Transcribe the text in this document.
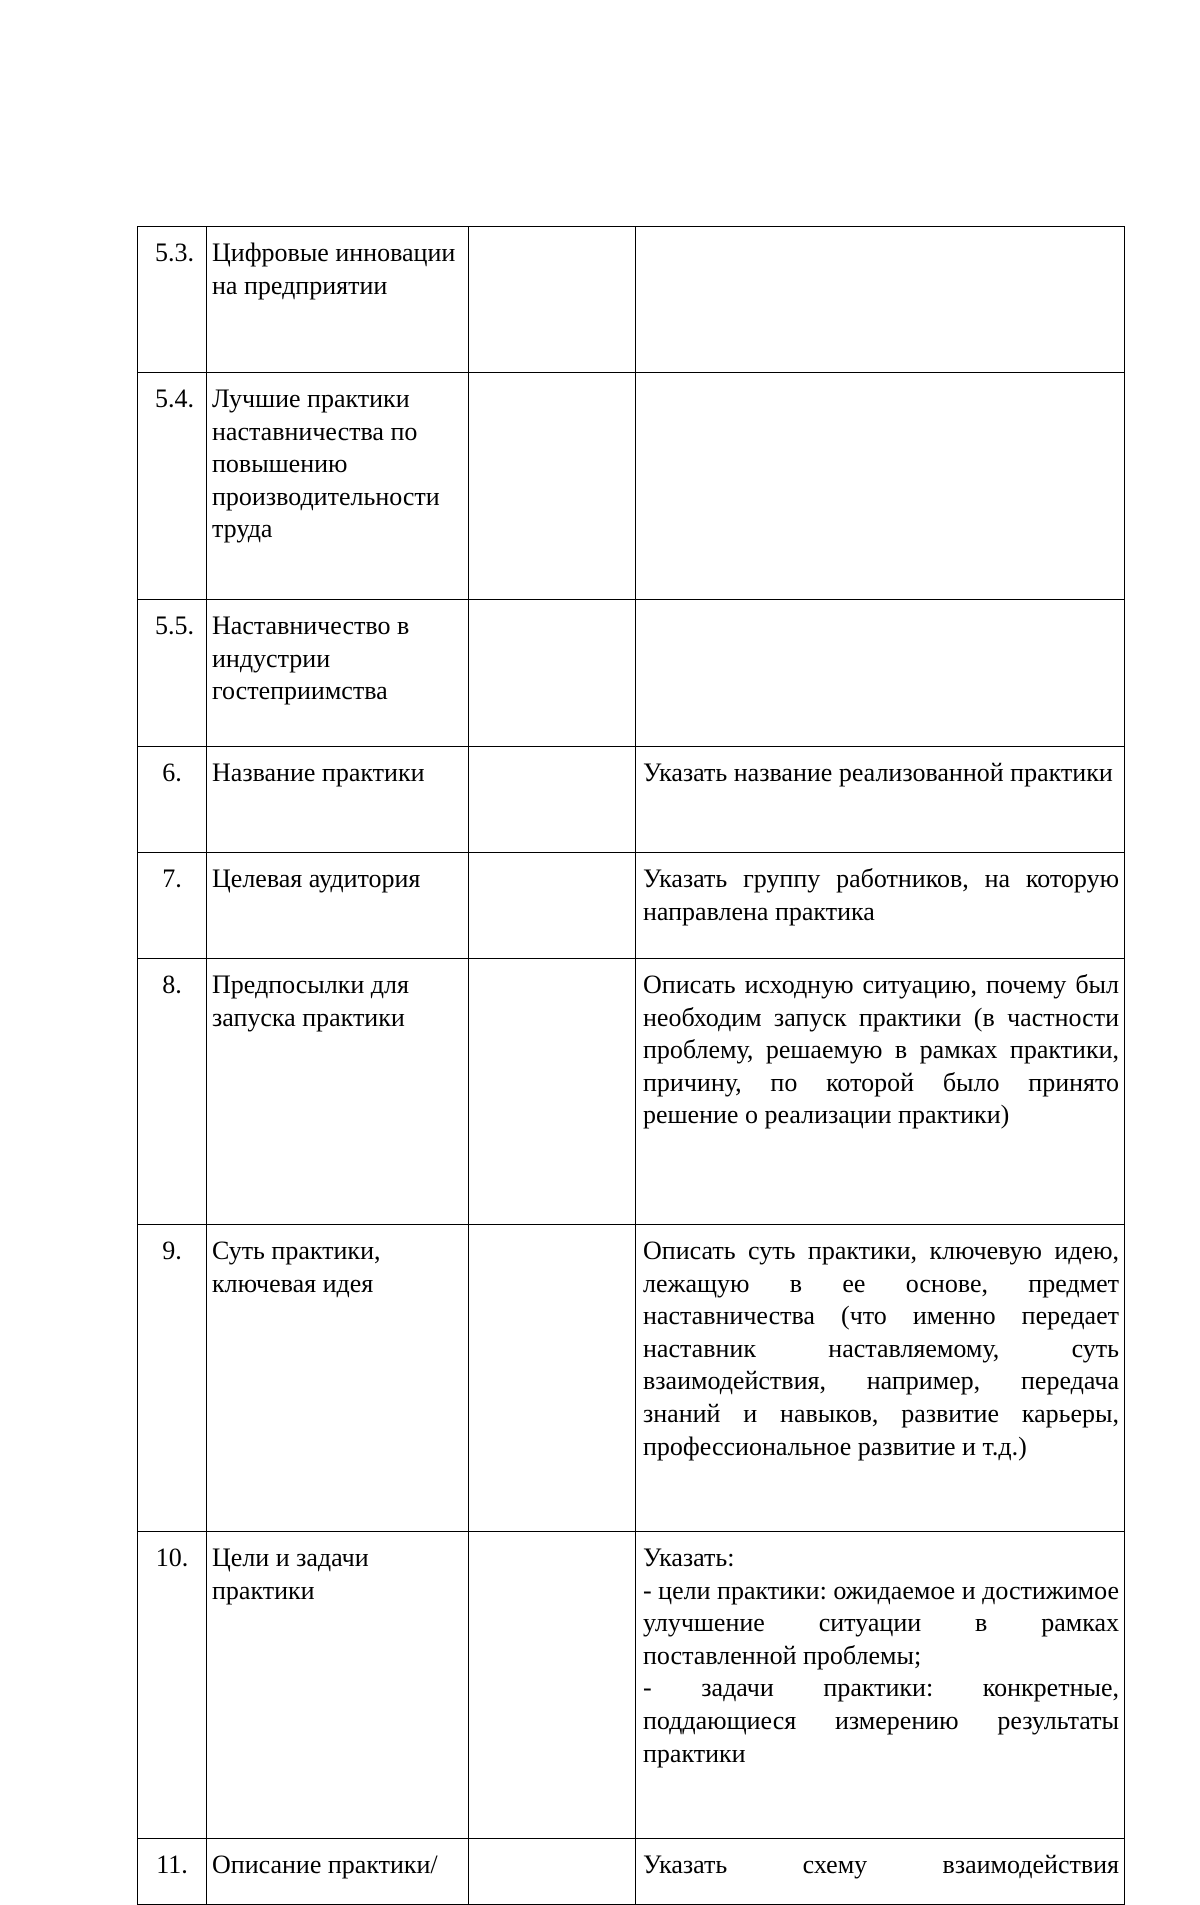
5.3.	Цифровые инновации на предприятии		
5.4.	Лучшие практики наставничества по повышению производительности труда		
5.5.	Наставничество в индустрии гостеприимства		
6.	Название практики		Указать название реализованной практики
7.	Целевая аудитория		Указать группу работников, на которую направлена практика
8.	Предпосылки для запуска практики		Описать исходную ситуацию, почему был необходим запуск практики (в частности проблему, решаемую в рамках практики, причину, по которой было принято решение о реализации практики)
9.	Суть практики, ключевая идея		Описать суть практики, ключевую идею, лежащую в ее основе, предмет наставничества (что именно передает наставник наставляемому, суть взаимодействия, например, передача знаний и навыков, развитие карьеры, профессиональное развитие и т.д.)
10.	Цели и задачи практики		Указать:
- цели практики: ожидаемое и достижимое улучшение ситуации в рамках поставленной проблемы;
- задачи практики: конкретные, поддающиеся измерению результаты практики

11.	Описание практики/		Указать схему взаимодействия
